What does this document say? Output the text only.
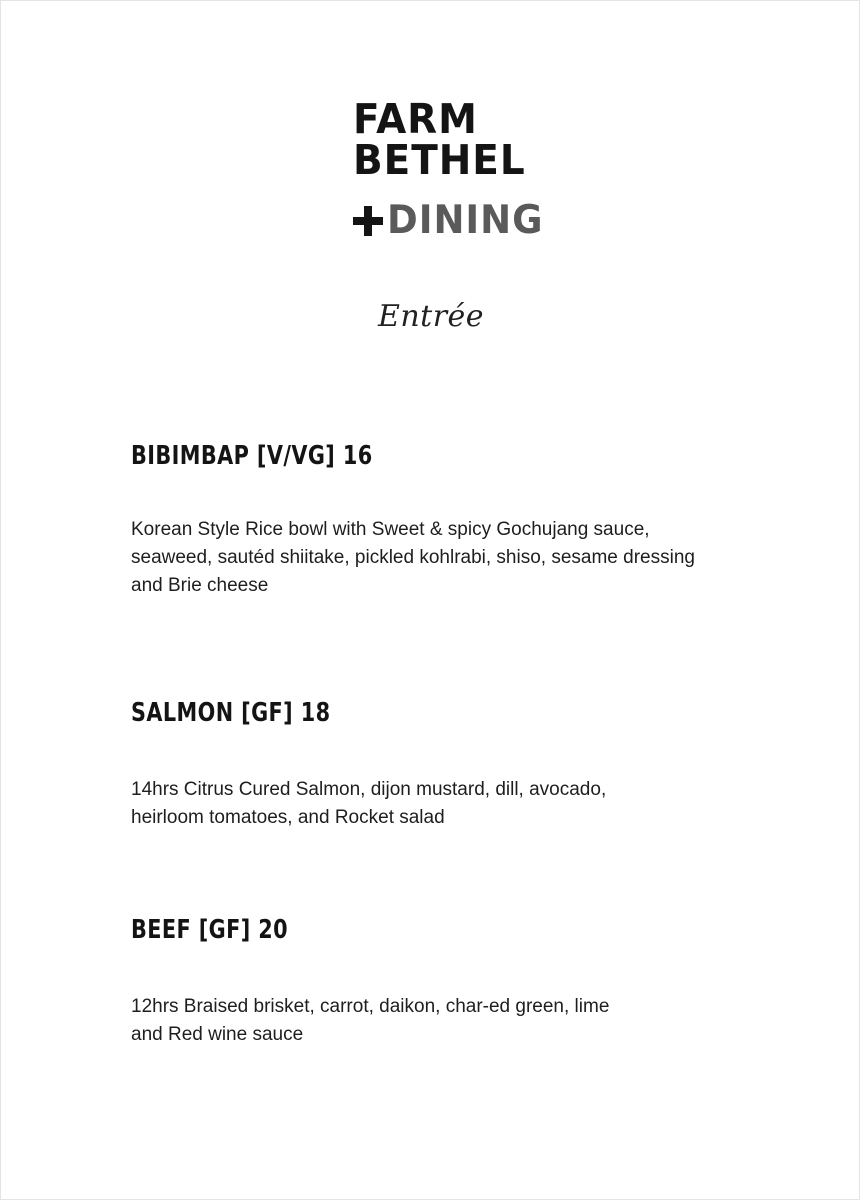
FARM
BETHEL
DINING
Entrée
BIBIMBAP [V/VG] 16
Korean Style Rice bowl with Sweet & spicy Gochujang sauce,
seaweed, sautéd shiitake, pickled kohlrabi, shiso, sesame dressing
and Brie cheese
SALMON [GF] 18
14hrs Citrus Cured Salmon, dijon mustard, dill, avocado,
heirloom tomatoes, and Rocket salad
BEEF [GF] 20
12hrs Braised brisket, carrot, daikon, char-ed green, lime
and Red wine sauce
